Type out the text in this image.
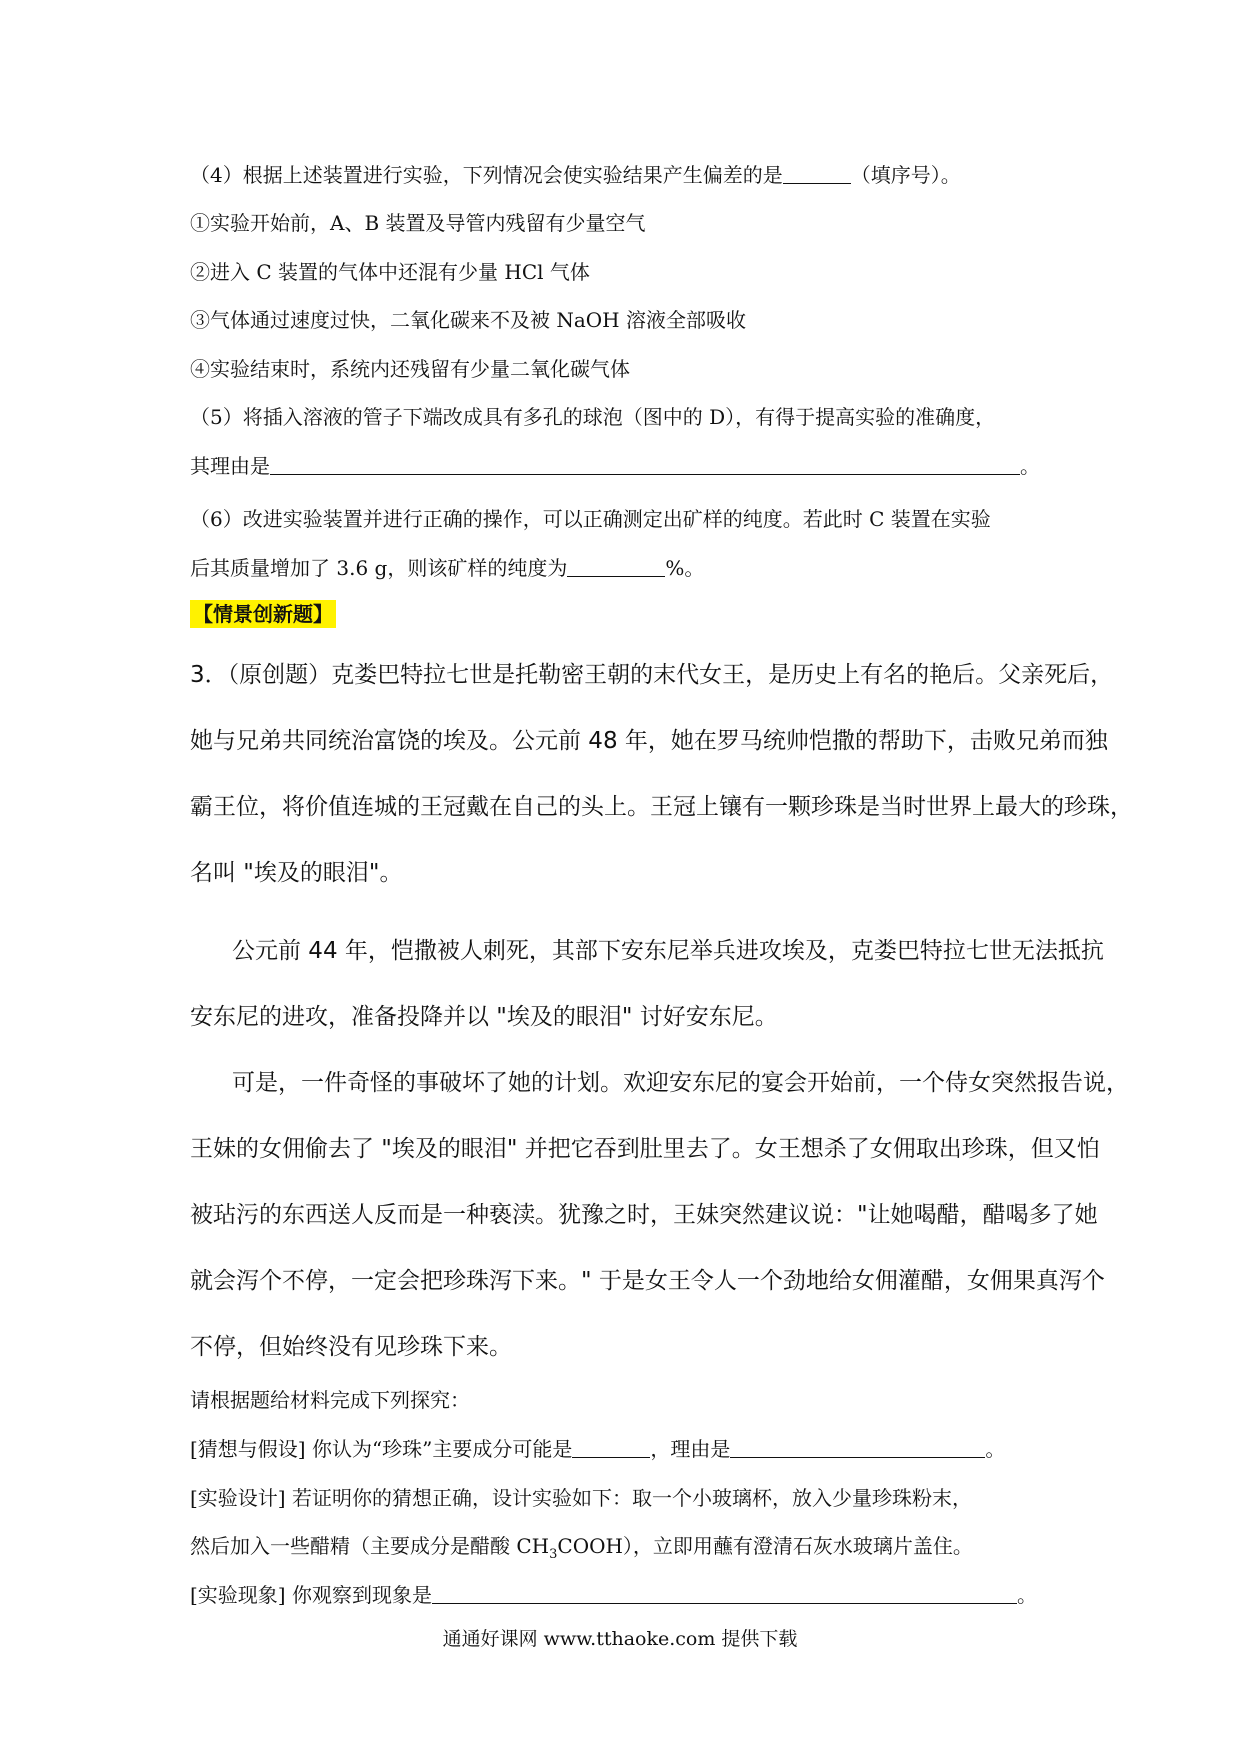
（4）根据上述装置进行实验，下列情况会使实验结果产生偏差的是	（填序号）。
①实验开始前，A、B 装置及导管内残留有少量空气
②进入 C 装置的气体中还混有少量 HCl 气体
③气体通过速度过快，二氧化碳来不及被 NaOH 溶液全部吸收
④实验结束时，系统内还残留有少量二氧化碳气体
（5）将插入溶液的管子下端改成具有多孔的球泡（图中的 D），有得于提高实验的准确度，
其理由是	。
（6）改进实验装置并进行正确的操作，可以正确测定出矿样的纯度。若此时 C 装置在实验
后其质量增加了 3.6 g，则该矿样的纯度为	%。
【情景创新题】
3．（原创题）克娄巴特拉七世是托勒密王朝的末代女王，是历史上有名的艳后。父亲死后，
她与兄弟共同统治富饶的埃及。公元前 48 年，她在罗马统帅恺撒的帮助下，击败兄弟而独
霸王位，将价值连城的王冠戴在自己的头上。王冠上镶有一颗珍珠是当时世界上最大的珍珠，
名叫 "埃及的眼泪"。
公元前 44 年，恺撒被人刺死，其部下安东尼举兵进攻埃及，克娄巴特拉七世无法抵抗
安东尼的进攻，准备投降并以 "埃及的眼泪" 讨好安东尼。
可是，一件奇怪的事破坏了她的计划。欢迎安东尼的宴会开始前，一个侍女突然报告说，
王妹的女佣偷去了 "埃及的眼泪" 并把它吞到肚里去了。女王想杀了女佣取出珍珠，但又怕
被玷污的东西送人反而是一种亵渎。犹豫之时，王妹突然建议说："让她喝醋，醋喝多了她
就会泻个不停，一定会把珍珠泻下来。" 于是女王令人一个劲地给女佣灌醋，女佣果真泻个
不停，但始终没有见珍珠下来。
请根据题给材料完成下列探究：
[猜想与假设] 你认为“珍珠”主要成分可能是	，理由是	。
[实验设计] 若证明你的猜想正确，设计实验如下：取一个小玻璃杯，放入少量珍珠粉末，
然后加入一些醋精（主要成分是醋酸 $CH_3COOH$），立即用蘸有澄清石灰水玻璃片盖住。
[实验现象] 你观察到现象是	。
通通好课网 www.tthaoke.com 提供下载
